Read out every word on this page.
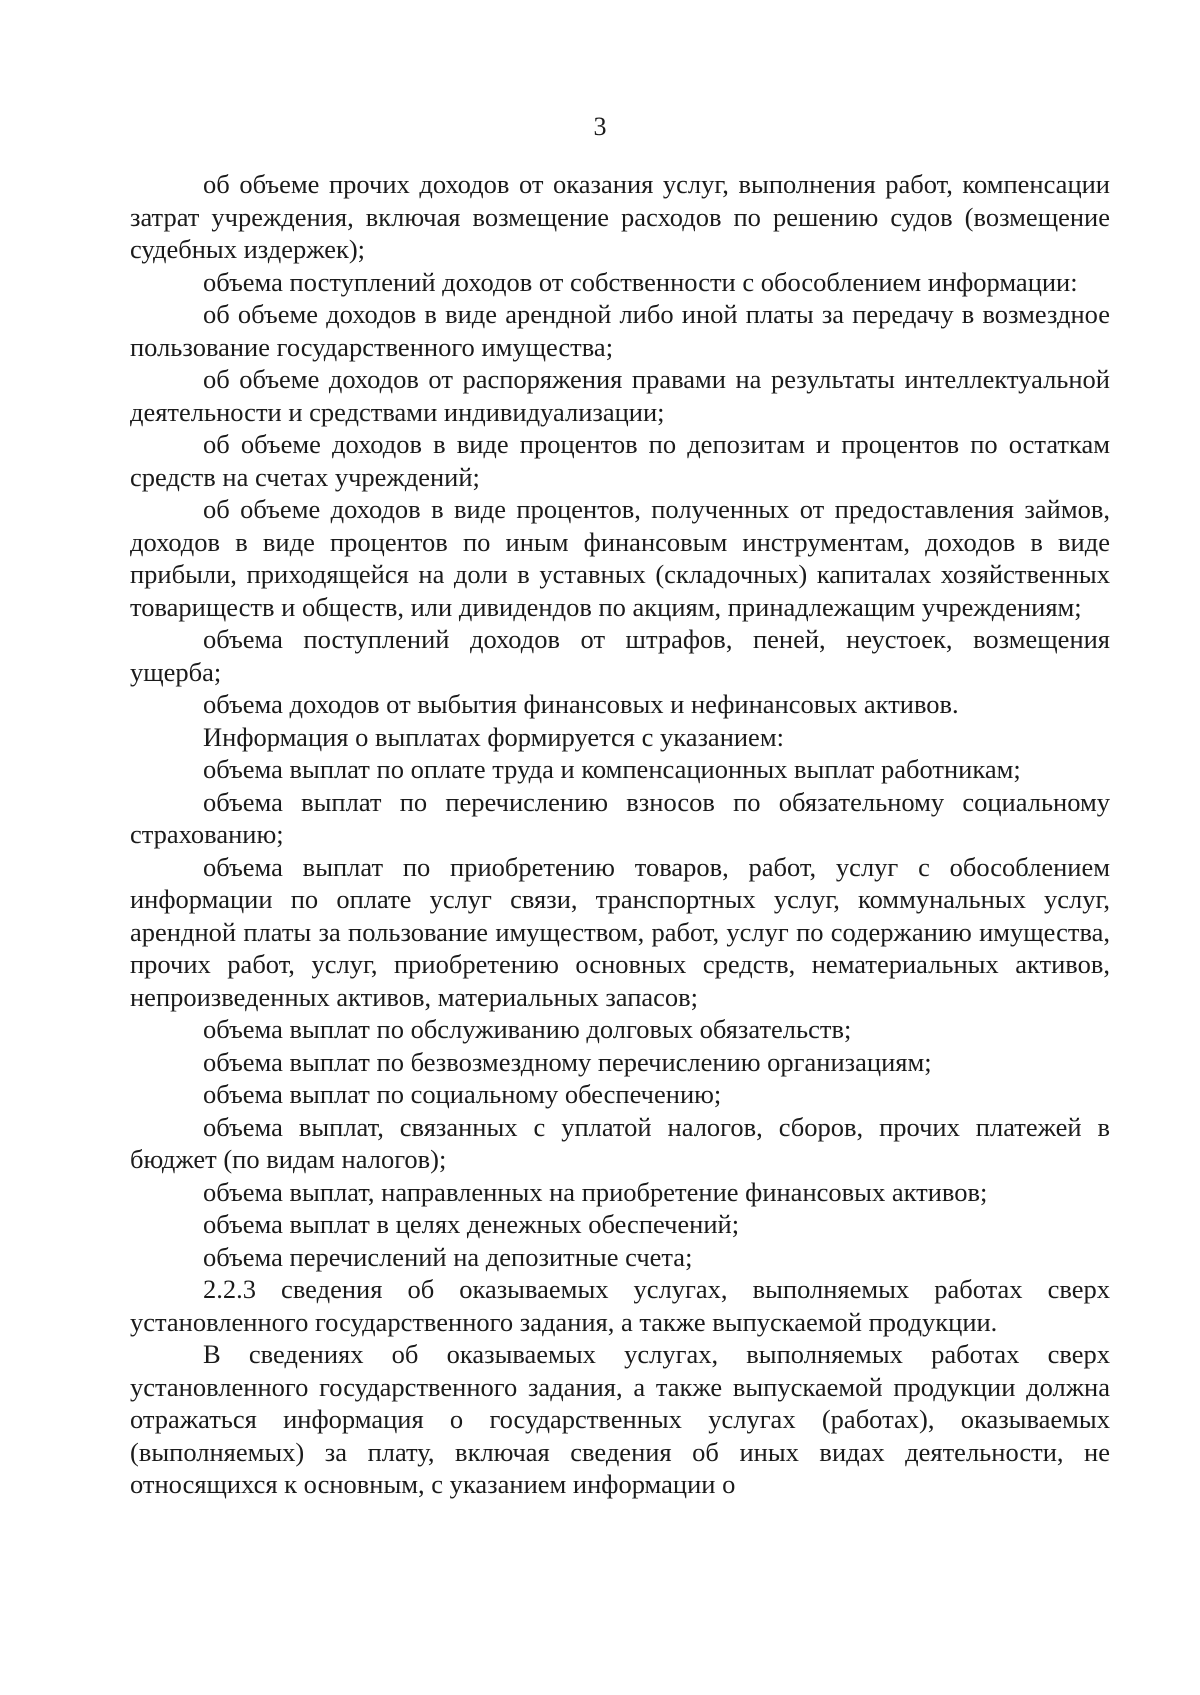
3

об объеме прочих доходов от оказания услуг, выполнения работ, компенсации затрат учреждения, включая возмещение расходов по решению судов (возмещение судебных издержек);

объема поступлений доходов от собственности с обособлением информации:

об объеме доходов в виде арендной либо иной платы за передачу в возмездное пользование государственного имущества;

об объеме доходов от распоряжения правами на результаты интеллектуальной деятельности и средствами индивидуализации;

об объеме доходов в виде процентов по депозитам и процентов по остаткам средств на счетах учреждений;

об объеме доходов в виде процентов, полученных от предоставления займов, доходов в виде процентов по иным финансовым инструментам, доходов в виде прибыли, приходящейся на доли в уставных (складочных) капиталах хозяйственных товариществ и обществ, или дивидендов по акциям, принадлежащим учреждениям;

объема поступлений доходов от штрафов, пеней, неустоек, возмещения ущерба;

объема доходов от выбытия финансовых и нефинансовых активов.

Информация о выплатах формируется с указанием:

объема выплат по оплате труда и компенсационных выплат работникам;

объема выплат по перечислению взносов по обязательному социальному страхованию;

объема выплат по приобретению товаров, работ, услуг с обособлением информации по оплате услуг связи, транспортных услуг, коммунальных услуг, арендной платы за пользование имуществом, работ, услуг по содержанию имущества, прочих работ, услуг, приобретению основных средств, нематериальных активов, непроизведенных активов, материальных запасов;

объема выплат по обслуживанию долговых обязательств;

объема выплат по безвозмездному перечислению организациям;

объема выплат по социальному обеспечению;

объема выплат, связанных с уплатой налогов, сборов, прочих платежей в бюджет (по видам налогов);

объема выплат, направленных на приобретение финансовых активов;

объема выплат в целях денежных обеспечений;

объема перечислений на депозитные счета;

2.2.3 сведения об оказываемых услугах, выполняемых работах сверх установленного государственного задания, а также выпускаемой продукции.

В сведениях об оказываемых услугах, выполняемых работах сверх установленного государственного задания, а также выпускаемой продукции должна отражаться информация о государственных услугах (работах), оказываемых (выполняемых) за плату, включая сведения об иных видах деятельности, не относящихся к основным, с указанием информации о
